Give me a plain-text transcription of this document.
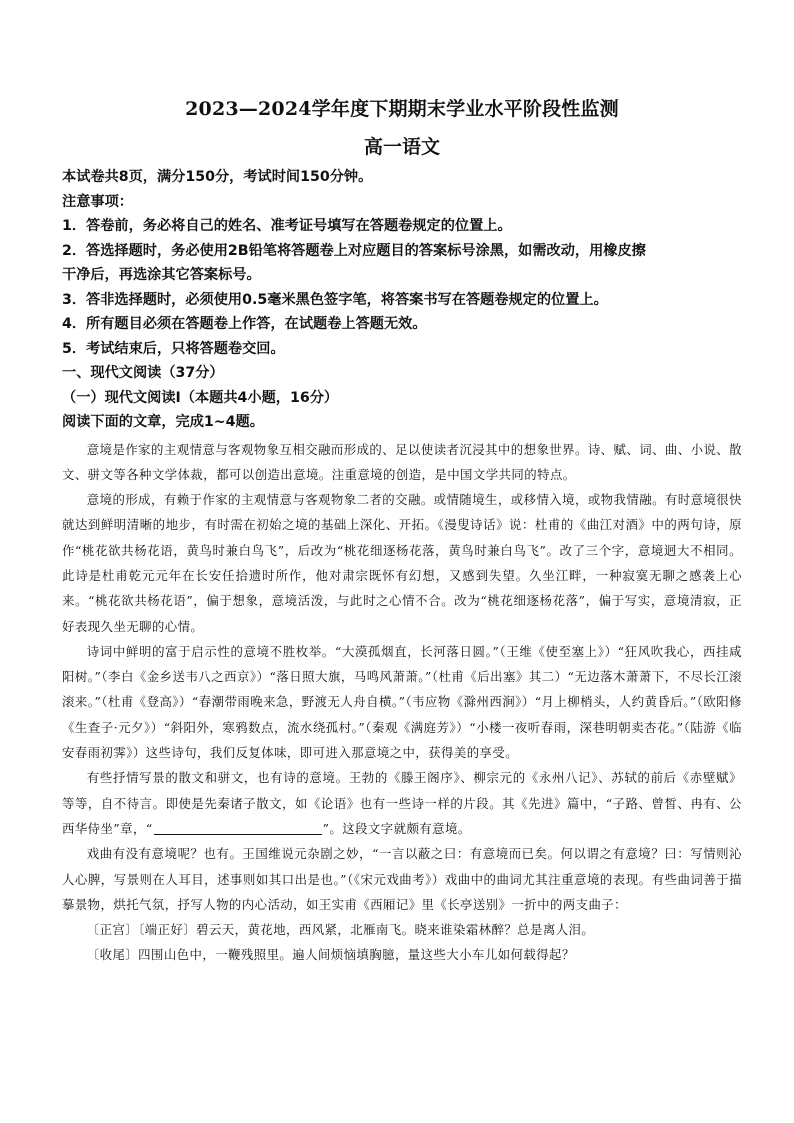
2023—2024学年度下期期末学业水平阶段性监测
高一语文

本试卷共8页，满分150分，考试时间150分钟。

注意事项：

1．答卷前，务必将自己的姓名、准考证号填写在答题卷规定的位置上。

2．答选择题时，务必使用2B铅笔将答题卷上对应题目的答案标号涂黑，如需改动，用橡皮擦

干净后，再选涂其它答案标号。

3．答非选择题时，必须使用0.5毫米黑色签字笔，将答案书写在答题卷规定的位置上。

4．所有题目必须在答题卷上作答，在试题卷上答题无效。

5．考试结束后，只将答题卷交回。

一、现代文阅读（37分）

（一）现代文阅读Ⅰ（本题共4小题，16分）

阅读下面的文章，完成1~4题。

意境是作家的主观情意与客观物象互相交融而形成的、足以使读者沉浸其中的想象世界。诗、赋、词、曲、小说、散文、骈文等各种文学体裁，都可以创造出意境。注重意境的创造，是中国文学共同的特点。

意境的形成，有赖于作家的主观情意与客观物象二者的交融。或情随境生，或移情入境，或物我情融。有时意境很快就达到鲜明清晰的地步，有时需在初始之境的基础上深化、开拓。《漫叟诗话》说：杜甫的《曲江对酒》中的两句诗，原作“桃花欲共杨花语，黄鸟时兼白鸟飞”，后改为“桃花细逐杨花落，黄鸟时兼白鸟飞”。改了三个字，意境迥大不相同。此诗是杜甫乾元元年在长安任拾遗时所作，他对肃宗既怀有幻想，又感到失望。久坐江畔，一种寂寞无聊之感袭上心来。“桃花欲共杨花语”，偏于想象，意境活泼，与此时之心情不合。改为“桃花细逐杨花落”，偏于写实，意境清寂，正好表现久坐无聊的心情。

诗词中鲜明的富于启示性的意境不胜枚举。“大漠孤烟直，长河落日圆。”（王维《使至塞上》）“狂风吹我心，西挂咸阳树。”（李白《金乡送韦八之西京》）“落日照大旗，马鸣风萧萧。”（杜甫《后出塞》其二）“无边落木萧萧下，不尽长江滚滚来。”（杜甫《登高》）“春潮带雨晚来急，野渡无人舟自横。”（韦应物《滁州西涧》）“月上柳梢头，人约黄昏后。”（欧阳修《生查子·元夕》）“斜阳外，寒鸦数点，流水绕孤村。”（秦观《满庭芳》）“小楼一夜听春雨，深巷明朝卖杏花。”（陆游《临安春雨初霁》）这些诗句，我们反复体味，即可进入那意境之中，获得美的享受。

有些抒情写景的散文和骈文，也有诗的意境。王勃的《滕王阁序》、柳宗元的《永州八记》、苏轼的前后《赤壁赋》等等，自不待言。即使是先秦诸子散文，如《论语》也有一些诗一样的片段。其《先进》篇中，“子路、曾皙、冉有、公西华侍坐”章，“	”。这段文字就颇有意境。

戏曲有没有意境呢？也有。王国维说元杂剧之妙，“一言以蔽之曰：有意境而已矣。何以谓之有意境？曰：写情则沁人心脾，写景则在人耳目，述事则如其口出是也。”（《宋元戏曲考》）戏曲中的曲词尤其注重意境的表现。有些曲词善于描摹景物，烘托气氛，抒写人物的内心活动，如王实甫《西厢记》里《长亭送别》一折中的两支曲子：

〔正宫〕〔端正好〕碧云天，黄花地，西风紧，北雁南飞。晓来谁染霜林醉？总是离人泪。

〔收尾〕四围山色中，一鞭残照里。遍人间烦恼填胸臆，量这些大小车儿如何载得起？
